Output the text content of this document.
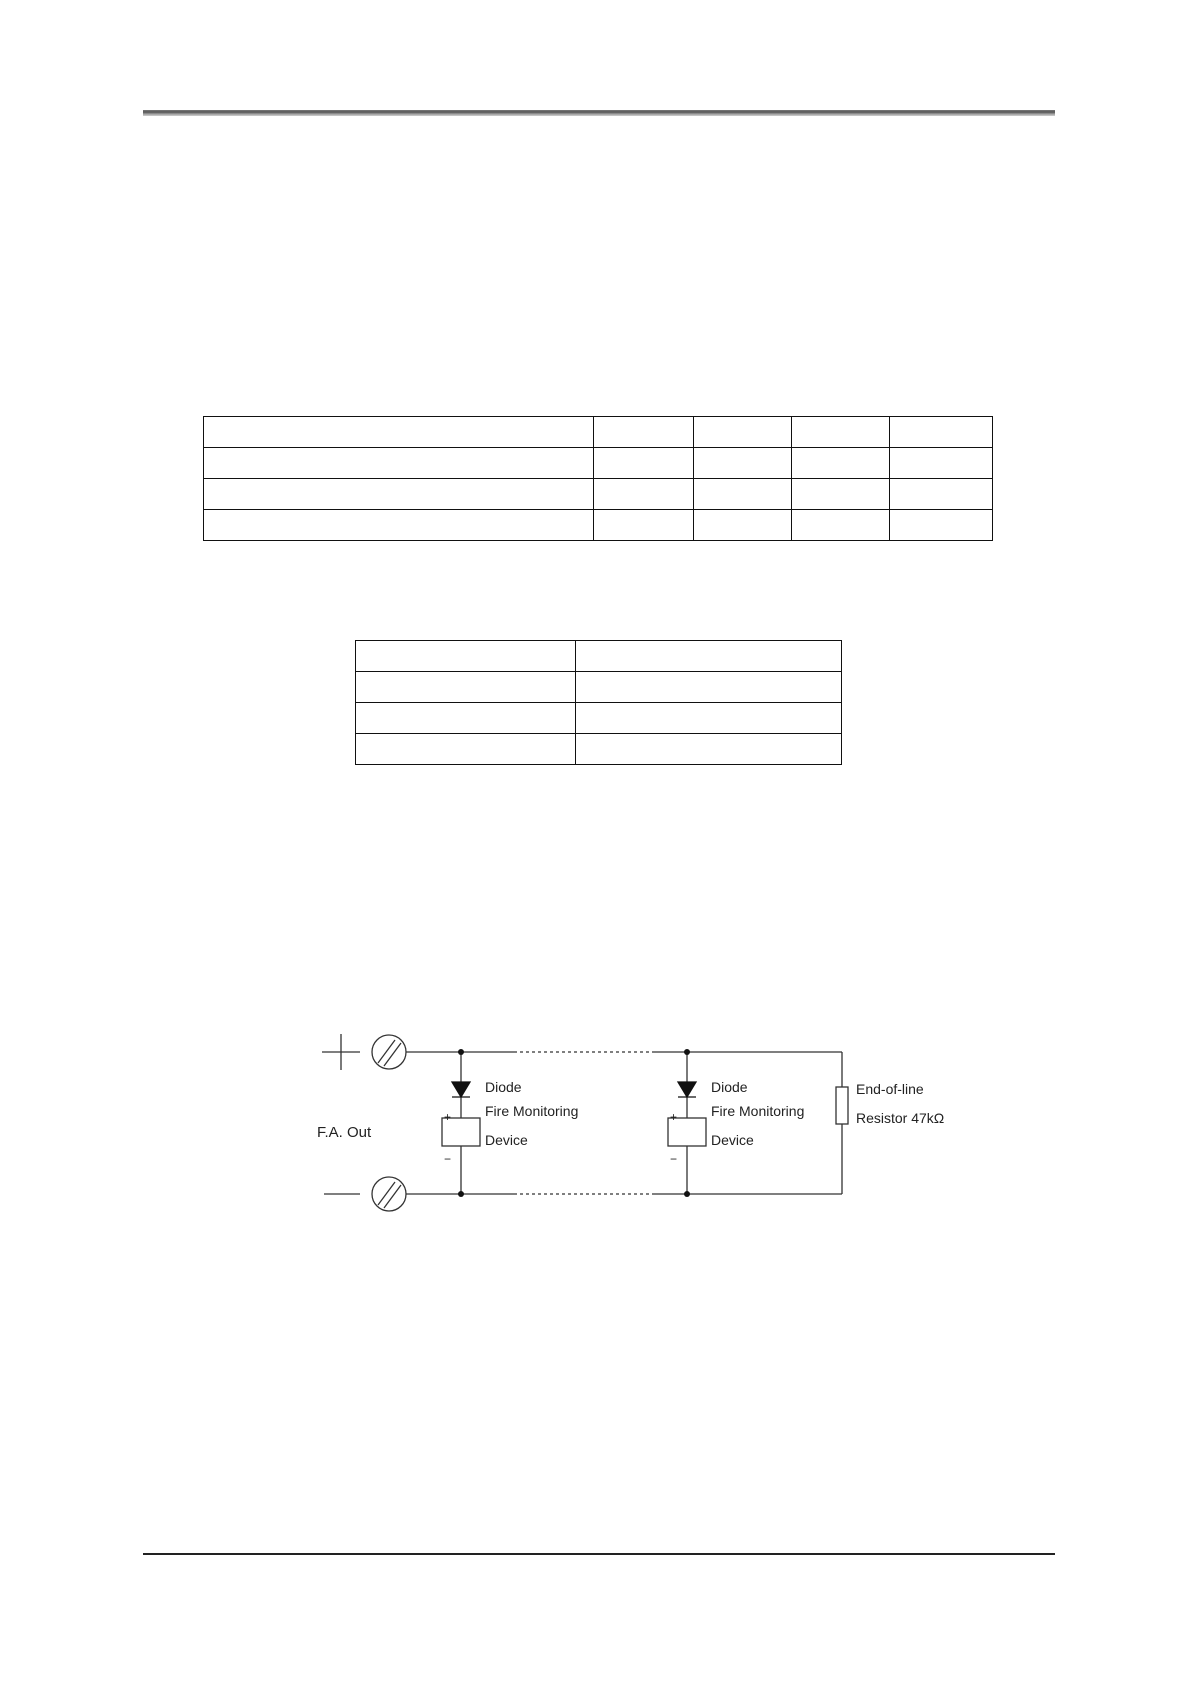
F.A. Out
+
−
Diode
Fire Monitoring
Device
+
−
Diode
Fire Monitoring
Device
End-of-line
Resistor 47kΩ
